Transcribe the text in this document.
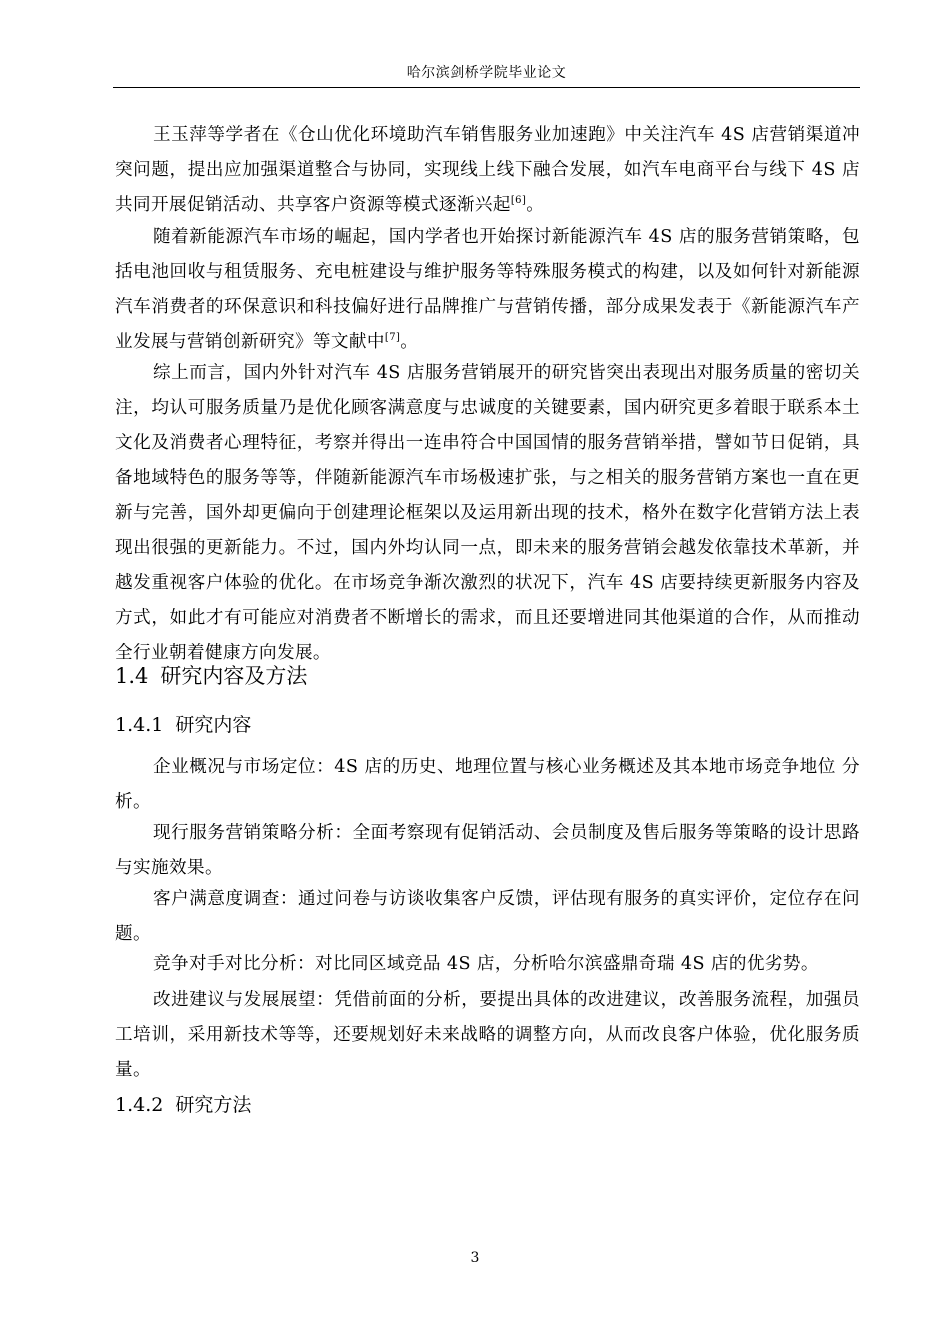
哈尔滨剑桥学院毕业论文

王玉萍等学者在《仓山优化环境助汽车销售服务业加速跑》中关注汽车 4S 店营销渠道冲突问题，提出应加强渠道整合与协同，实现线上线下融合发展，如汽车电商平台与线下 4S 店共同开展促销活动、共享客户资源等模式逐渐兴起[6]。

随着新能源汽车市场的崛起，国内学者也开始探讨新能源汽车 4S 店的服务营销策略，包括电池回收与租赁服务、充电桩建设与维护服务等特殊服务模式的构建，以及如何针对新能源汽车消费者的环保意识和科技偏好进行品牌推广与营销传播，部分成果发表于《新能源汽车产业发展与营销创新研究》等文献中[7]。

综上而言，国内外针对汽车 4S 店服务营销展开的研究皆突出表现出对服务质量的密切关注，均认可服务质量乃是优化顾客满意度与忠诚度的关键要素，国内研究更多着眼于联系本土文化及消费者心理特征，考察并得出一连串符合中国国情的服务营销举措，譬如节日促销，具备地域特色的服务等等，伴随新能源汽车市场极速扩张，与之相关的服务营销方案也一直在更新与完善，国外却更偏向于创建理论框架以及运用新出现的技术，格外在数字化营销方法上表现出很强的更新能力。不过，国内外均认同一点，即未来的服务营销会越发依靠技术革新，并越发重视客户体验的优化。在市场竞争渐次激烈的状况下，汽车 4S 店要持续更新服务内容及方式，如此才有可能应对消费者不断增长的需求，而且还要增进同其他渠道的合作，从而推动全行业朝着健康方向发展。

1.4 研究内容及方法
1.4.1 研究内容

企业概况与市场定位：4S 店的历史、地理位置与核心业务概述及其本地市场竞争地位 分析。

现行服务营销策略分析：全面考察现有促销活动、会员制度及售后服务等策略的设计思路与实施效果。

客户满意度调查：通过问卷与访谈收集客户反馈，评估现有服务的真实评价，定位存在问题。

竞争对手对比分析：对比同区域竞品 4S 店，分析哈尔滨盛鼎奇瑞 4S 店的优劣势。

改进建议与发展展望：凭借前面的分析，要提出具体的改进建议，改善服务流程，加强员工培训，采用新技术等等，还要规划好未来战略的调整方向，从而改良客户体验，优化服务质量。

1.4.2 研究方法
3
